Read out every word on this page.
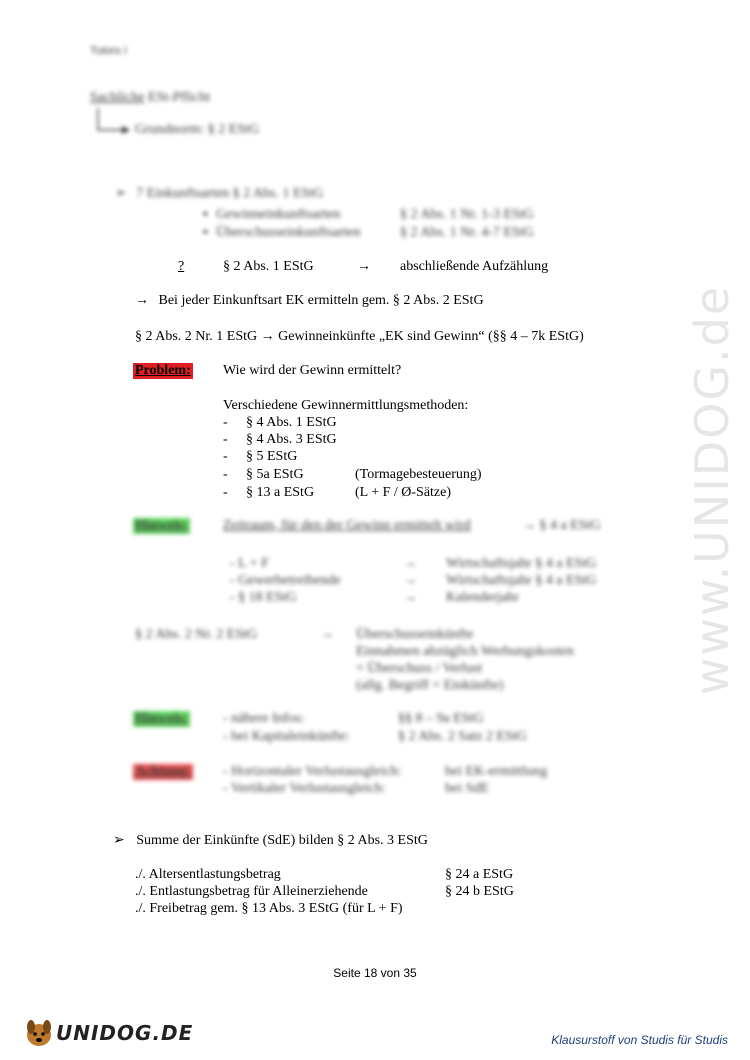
www.UNIDOG.de
Tutors I
Sachliche ESt-Pflicht
Grundnorm: § 2 EStG
➢ 7 Einkunftsarten § 2 Abs. 1 EStG
▪ Gewinneinkunftsarten	§ 2 Abs. 1 Nr. 1-3 EStG
▪ Überschusseinkunftsarten	§ 2 Abs. 1 Nr. 4-7 EStG
?	§ 2 Abs. 1 EStG	→ abschließende Aufzählung
→ Bei jeder Einkunftsart EK ermitteln gem. § 2 Abs. 2 EStG
§ 2 Abs. 2 Nr. 1 EStG → Gewinneinkünfte „EK sind Gewinn“ (§§ 4 – 7k EStG)
Problem: Wie wird der Gewinn ermittelt?
Verschiedene Gewinnermittlungsmethoden:
- § 4 Abs. 1 EStG
- § 4 Abs. 3 EStG
- § 5 EStG
- § 5a EStG	(Tormagebesteuerung)
- § 13 a EStG	(L + F / Ø-Sätze)
Hinweis:	Zeitraum, für den der Gewinn ermittelt wird	→ § 4 a EStG
- L + F	→ Wirtschaftsjahr § 4 a EStG
- Gewerbetreibende	→ Wirtschaftsjahr § 4 a EStG
- § 18 EStG	→ Kalenderjahr
§ 2 Abs. 2 Nr. 2 EStG	→ Überschusseinkünfte
Einnahmen abzüglich Werbungskosten
= Überschuss / Verlust
(allg. Begriff = Einkünfte)
Hinweis:	- nähere Infos:	§§ 8 – 9a EStG
- bei Kapitaleinkünfte:	§ 2 Abs. 2 Satz 2 EStG
Achtung: - Horizontaler Verlustausgleich:	bei EK-ermittlung
- Vertikaler Verlustausgleich:	bei SdE
➢ Summe der Einkünfte (SdE) bilden § 2 Abs. 3 EStG
./. Altersentlastungsbetrag	§ 24 a EStG
./. Entlastungsbetrag für Alleinerziehende	§ 24 b EStG
./. Freibetrag gem. § 13 Abs. 3 EStG (für L + F)
Seite 18 von 35
UNIDOG.DE	Klausurstoff von Studis für Studis
